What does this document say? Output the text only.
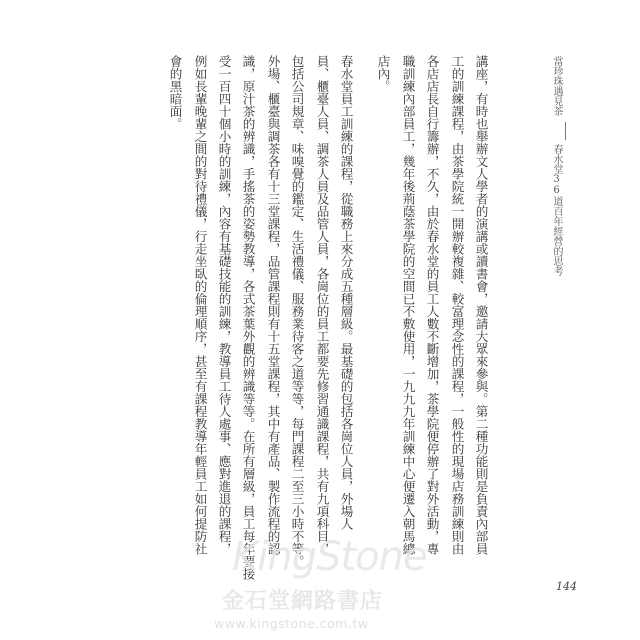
當珍珠遇見茶
春水堂36道百年經營的思考
講座，有時也舉辦文人學者的演講或讀書會，邀請大眾來參與。第二種功能則是負責內部員
工的訓練課程，由茶學院統一開辦較複雜、較富理念性的課程，一般性的現場店務訓練則由
各店店長自行籌辦，不久，由於春水堂的員工人數不斷增加，茶學院便停辦了對外活動，專
職訓練內部員工，幾年後荊蔭茶學院的空間已不敷使用，一九九九年訓練中心便遷入朝馬總
店內。
春水堂員工訓練的課程，從職務上來分成五種層級。最基礎的包括各崗位人員，外場人
員、櫃臺人員、調茶人員及品管人員，各崗位的員工都要先修習通識課程，共有九項科目，
包括公司規章、味嗅覺的鑑定、生活禮儀、服務業待客之道等等，每門課程二至三小時不等。
外場、櫃臺與調茶各有十三堂課程，品管課程則有十五堂課程，其中有產品、製作流程的認
識，原汁茶的辨識，手搖茶的姿勢教導，各式茶葉外觀的辨識等等。在所有層級，員工每年要接
受一百四十個小時的訓練，內容有基礎技能的訓練，教導員工待人處事、應對進退的課程，
例如長輩晚輩之間的對待禮儀，行走坐臥的倫理順序，甚至有課程教導年輕員工如何提防社
會的黑暗面。
144
KingStone
金石堂網路書店
www.kingstone.com.tw
